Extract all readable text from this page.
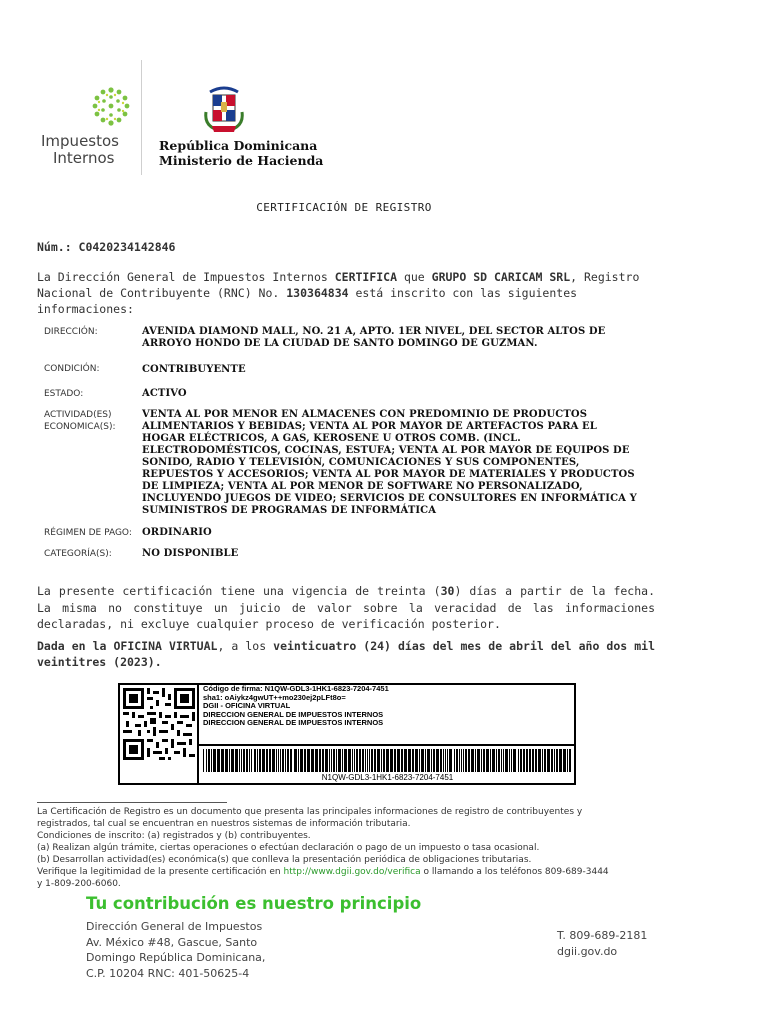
Impuestos
Internos
República Dominicana
Ministerio de Hacienda
CERTIFICACIÓN DE REGISTRO
Núm.: C0420234142846
La Dirección General de Impuestos Internos CERTIFICA que GRUPO SD CARICAM SRL, Registro Nacional de Contribuyente (RNC) No. 130364834 está inscrito con las siguientes informaciones:
DIRECCIÓN:	AVENIDA DIAMOND MALL, NO. 21 A, APTO. 1ER NIVEL, DEL SECTOR ALTOS DE ARROYO HONDO DE LA CIUDAD DE SANTO DOMINGO DE GUZMAN.
CONDICIÓN:	CONTRIBUYENTE
ESTADO:	ACTIVO
ACTIVIDAD(ES)
ECONOMICA(S):
VENTA AL POR MENOR EN ALMACENES CON PREDOMINIO DE PRODUCTOS ALIMENTARIOS Y BEBIDAS; VENTA AL POR MAYOR DE ARTEFACTOS PARA EL HOGAR ELÉCTRICOS, A GAS, KEROSENE U OTROS COMB. (INCL. ELECTRODOMÉSTICOS, COCINAS, ESTUFA; VENTA AL POR MAYOR DE EQUIPOS DE SONIDO, RADIO Y TELEVISIÓN, COMUNICACIONES Y SUS COMPONENTES, REPUESTOS Y ACCESORIOS; VENTA AL POR MAYOR DE MATERIALES Y PRODUCTOS DE LIMPIEZA; VENTA AL POR MENOR DE SOFTWARE NO PERSONALIZADO, INCLUYENDO JUEGOS DE VIDEO; SERVICIOS DE CONSULTORES EN INFORMÁTICA Y SUMINISTROS DE PROGRAMAS DE INFORMÁTICA
RÉGIMEN DE PAGO: ORDINARIO
CATEGORÍA(S):	NO DISPONIBLE
La presente certificación tiene una vigencia de treinta (30) días a partir de la fecha. La misma no constituye un juicio de valor sobre la veracidad de las informaciones declaradas, ni excluye cualquier proceso de verificación posterior.
Dada en la OFICINA VIRTUAL, a los veinticuatro (24) días del mes de abril del año dos mil veintitres (2023).
Código de firma: N1QW-GDL3-1HK1-6823-7204-7451
sha1: oAiykz4gwUT++mo230ej2pLFt8o=
DGII - OFICINA VIRTUAL
DIRECCION GENERAL DE IMPUESTOS INTERNOS
DIRECCION GENERAL DE IMPUESTOS INTERNOS
N1QW-GDL3-1HK1-6823-7204-7451
La Certificación de Registro es un documento que presenta las principales informaciones de registro de contribuyentes y
registrados, tal cual se encuentran en nuestros sistemas de información tributaria.
Condiciones de inscrito: (a) registrados y (b) contribuyentes.
(a) Realizan algún trámite, ciertas operaciones o efectúan declaración o pago de un impuesto o tasa ocasional.
(b) Desarrollan actividad(es) económica(s) que conlleva la presentación periódica de obligaciones tributarias.
Verifique la legitimidad de la presente certificación en http://www.dgii.gov.do/verifica o llamando a los teléfonos 809-689-3444
y 1-809-200-6060.
Tu contribución es nuestro principio
Dirección General de Impuestos
Av. México #48, Gascue, Santo
Domingo República Dominicana,
C.P. 10204 RNC: 401-50625-4
T. 809-689-2181
dgii.gov.do
